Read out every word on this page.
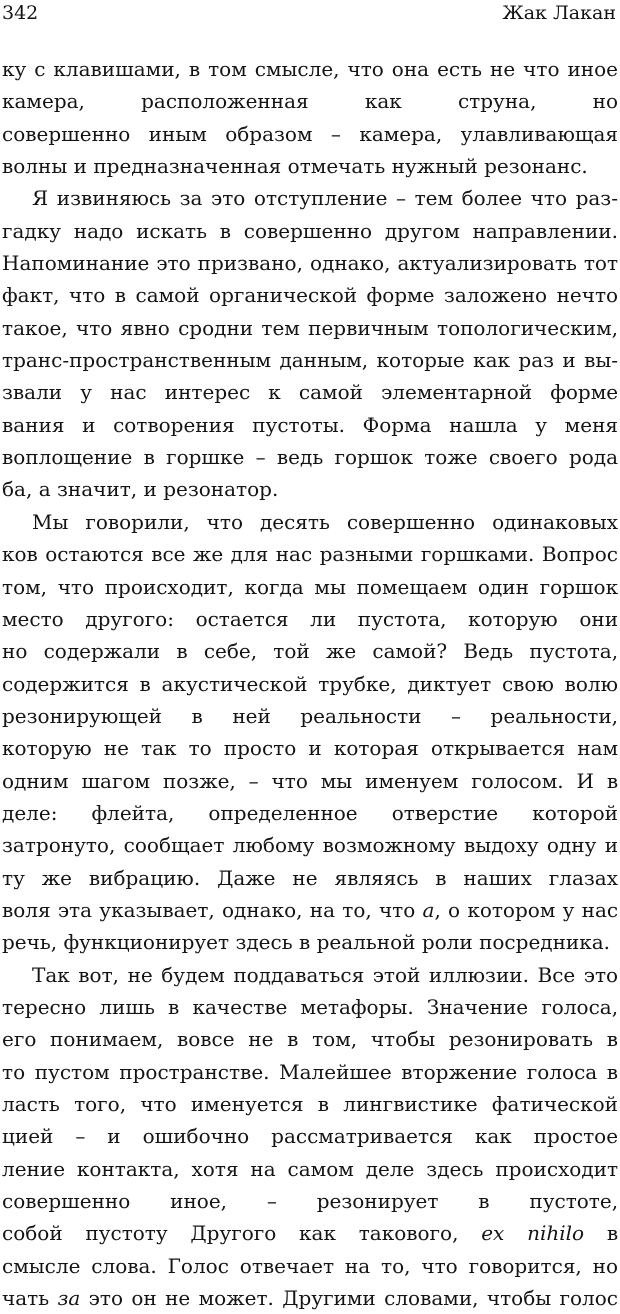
342	Жак Лакан
ку с клавишами, в том смысле, что она есть не что иное
камера,	расположенная	как	струна,	но
совершенно иным образом – камера, улавливающая
волны и предназначенная отмечать нужный резонанс.
Я извиняюсь за это отступление – тем более что раз-
гадку надо искать в совершенно другом направлении.
Напоминание это призвано, однако, актуализировать тот
факт, что в самой органической форме заложено нечто
такое, что явно сродни тем первичным топологическим,
транс-пространственным данным, которые как раз и вы-
звали у нас интерес к самой элементарной форме
вания и сотворения пустоты. Форма нашла у меня
воплощение в горшке – ведь горшок тоже своего рода
ба, а значит, и резонатор.
Мы говорили, что десять совершенно одинаковых
ков остаются все же для нас разными горшками. Вопрос
том, что происходит, когда мы помещаем один горшок
место другого: остается ли пустота, которую они
но содержали в себе, той же самой? Ведь пустота,
содержится в акустической трубке, диктует свою волю
резонирующей в ней реальности – реальности,
которую не так то просто и которая открывается нам
одним шагом позже, – что мы именуем голосом. И в
деле: флейта, определенное отверстие которой
затронуто, сообщает любому возможному выдоху одну и
ту же вибрацию. Даже не являясь в наших глазах
воля эта указывает, однако, на то, что а, о котором у нас
речь, функционирует здесь в реальной роли посредника.
Так вот, не будем поддаваться этой иллюзии. Все это
тересно лишь в качестве метафоры. Значение голоса,
его понимаем, вовсе не в том, чтобы резонировать в
то пустом пространстве. Малейшее вторжение голоса в
ласть того, что именуется в лингвистике фатической
цией – и ошибочно рассматривается как простое
ление контакта, хотя на самом деле здесь происходит
совершенно иное, – резонирует в пустоте,
собой пустоту Другого как такового, ex nihilo в
смысле слова. Голос отвечает на то, что говорится, но
чать за это он не может. Другими словами, чтобы голос
